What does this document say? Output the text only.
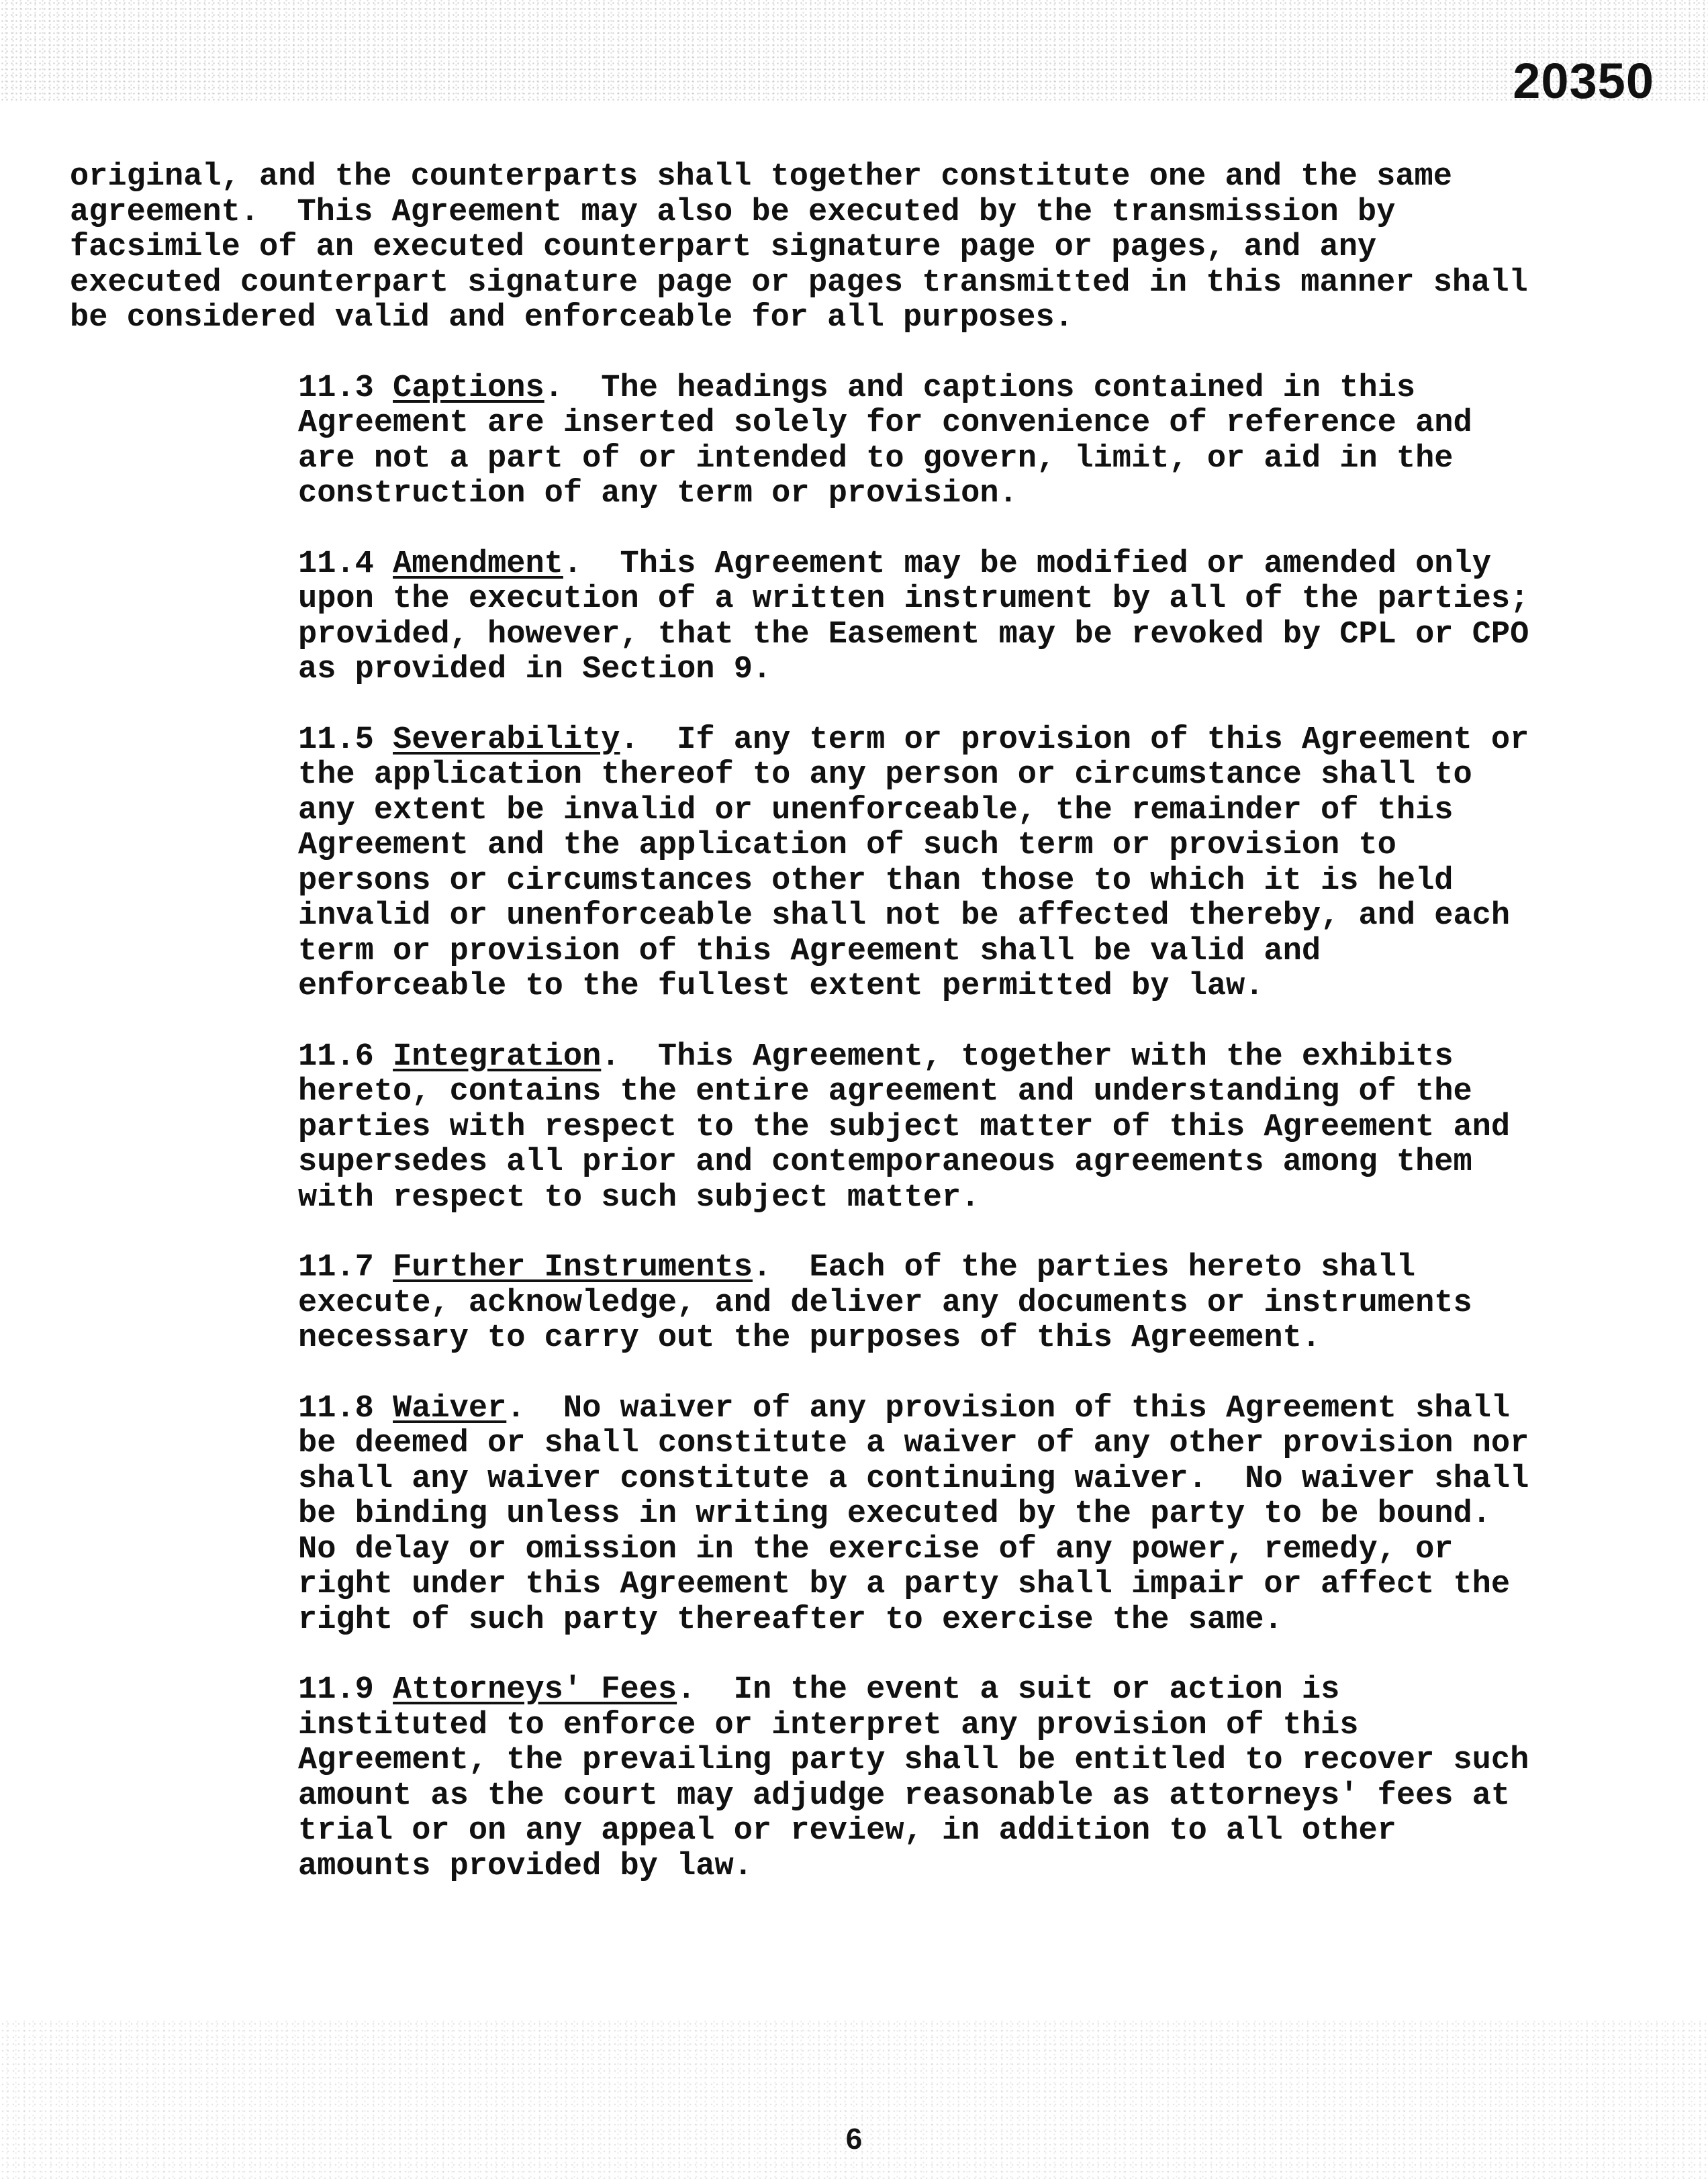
20350

original, and the counterparts shall together constitute one and the same agreement.  This Agreement may also be executed by the transmission by facsimile of an executed counterpart signature page or pages, and any executed counterpart signature page or pages transmitted in this manner shall be considered valid and enforceable for all purposes.

11.3 Captions.  The headings and captions contained in this Agreement are inserted solely for convenience of reference and are not a part of or intended to govern, limit, or aid in the construction of any term or provision.

11.4 Amendment.  This Agreement may be modified or amended only upon the execution of a written instrument by all of the parties; provided, however, that the Easement may be revoked by CPL or CPO as provided in Section 9.

11.5 Severability.  If any term or provision of this Agreement or the application thereof to any person or circumstance shall to any extent be invalid or unenforceable, the remainder of this Agreement and the application of such term or provision to persons or circumstances other than those to which it is held invalid or unenforceable shall not be affected thereby, and each term or provision of this Agreement shall be valid and enforceable to the fullest extent permitted by law.

11.6 Integration.  This Agreement, together with the exhibits hereto, contains the entire agreement and understanding of the parties with respect to the subject matter of this Agreement and supersedes all prior and contemporaneous agreements among them with respect to such subject matter.

11.7 Further Instruments.  Each of the parties hereto shall execute, acknowledge, and deliver any documents or instruments necessary to carry out the purposes of this Agreement.

11.8 Waiver.  No waiver of any provision of this Agreement shall be deemed or shall constitute a waiver of any other provision nor shall any waiver constitute a continuing waiver.  No waiver shall be binding unless in writing executed by the party to be bound.  No delay or omission in the exercise of any power, remedy, or right under this Agreement by a party shall impair or affect the right of such party thereafter to exercise the same.

11.9 Attorneys' Fees.  In the event a suit or action is instituted to enforce or interpret any provision of this Agreement, the prevailing party shall be entitled to recover such amount as the court may adjudge reasonable as attorneys' fees at trial or on any appeal or review, in addition to all other amounts provided by law.

6
